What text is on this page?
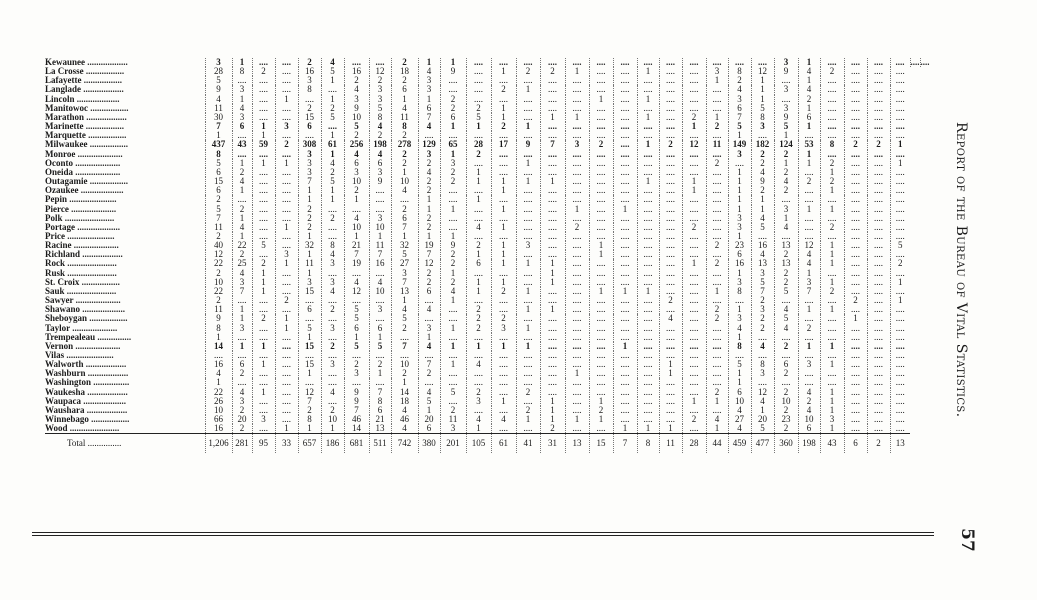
Kewaunee ..................	3	1	....	....	2	4	....	....	2	1	1	....	....	....	....	....	....	....	....	....	....	....	....	....	3	1	....	....	....	....	....	....
La Crosse .................	28	8	2	....	16	5	16	12	18	4	9	....	1	2	2	1	....	....	1	....	....	3	8	12	9	4	2	....	....	....		
Lafayette .................	5	....	....	....	3	1	2	2	2	3	....	....	....	....	....	....	....	....	....	....	....	1	2	1	....	1	....	....	....	....		
Langlade ..................	9	3	....	....	8	....	4	3	6	3	....	....	2	1	....	....	....	....	....	....	....	....	4	1	3	4	....	....	....	....		
Lincoln ...................	4	1	....	1	....	1	3	3	1	1	2	....	....	....	....	....	1	....	1	....	....	....	3	1	....	2	....	....	....	....		
Manitowoc .................	11	4	....	....	2	2	9	5	4	6	2	2	1	....	....	....	....	....	....	....	....	....	6	5	3	1	....	....	....	....		
Marathon ..................	30	3	....	....	15	5	10	8	11	7	6	5	1	....	1	1	....	....	1	....	2	1	7	8	9	6	....	....	....	....		
Marinette .................	7	6	1	3	6	....	5	4	8	4	1	1	2	1	....	....	....	....	....	....	1	2	5	3	5	1	....	....	....	....		
Marquette .................	1	....	1	....	....	1	2	2	2	....	....	....	....	....	....	....	....	....	....	....	....	....	1	....	1	....	....	....	....	....		
Milwaukee .................	437	43	59	2	308	61	256	198	278	129	65	28	17	9	7	3	2	....	1	2	12	11	149	182	124	53	8	2	2	1		
Monroe ....................	8	....	....	....	3	1	4	4	2	3	1	2	....	....	....	....	....	....	....	....	....	....	3	2	2	1	....	....	....	....		
Oconto ....................	5	1	1	1	3	4	6	6	2	2	3	....	....	1	....	....	....	....	....	....	....	2	....	2	1	1	2	....	....	1		
Oneida ....................	6	2	....	....	3	2	3	3	1	4	2	1	....	....	....	....	....	....	....	....	....	....	1	4	2	....	1	....	....	....		
Outagamie .................	15	4	....	....	7	5	10	9	10	2	2	1	1	1	1	....	....	....	1	....	1	....	1	9	4	2	2	....	....	....		
Ozaukee ...................	6	1	....	....	1	1	2	....	4	2	....	....	1	....	....	....	....	....	....	....	1	....	1	2	2	....	1	....	....	....		
Pepin .....................	2	....	....	....	1	1	1	....	....	1	....	1	....	....	....	....	....	....	....	....	....	....	1	1	....	....	....	....	....	....		
Pierce ....................	5	2	....	....	2	....	....	....	2	1	1	....	1	....	....	1	....	1	....	....	....	....	1	1	3	1	1	....	....	....		
Polk ......................	7	1	....	....	2	2	4	3	6	2	....	....	....	....	....	....	....	....	....	....	....	....	3	4	1	....	....	....	....	....		
Portage ...................	11	4	....	1	2	....	10	10	7	2	....	4	1	....	....	2	....	....	....	....	2	....	3	5	4	....	2	....	....	....		
Price .....................	2	1	....	....	1	....	1	1	1	1	1	....	....	....	....	....	....	....	....	....	....	....	1	....	....	....	....	....	....	....		
Racine ....................	40	22	5	....	32	8	21	11	32	19	9	2	1	3	....	....	1	....	....	....	....	2	23	16	13	12	1	....	....	5		
Richland ..................	12	2	....	3	1	4	7	7	5	7	2	1	1	....	....	....	1	....	....	....	....	....	6	4	2	4	1	....	....	....		
Rock ......................	22	25	2	1	11	3	19	16	27	12	2	6	1	1	1	....	....	....	....	....	1	2	16	13	13	4	1	....	....	2		
Rusk ......................	2	4	1	....	1	....	....	....	3	2	1	....	....	....	1	....	....	....	....	....	....	....	1	3	2	1	....	....	....	....		
St. Croix .................	10	3	1	....	3	3	4	4	7	2	2	1	1	....	1	....	....	....	....	....	....	....	3	5	2	3	1	....	....	1		
Sauk ......................	22	7	1	....	15	4	12	10	13	6	4	1	2	1	....	....	1	1	1	....	....	1	8	7	5	7	2	....	....	....		
Sawyer ....................	2	....	....	2	....	....	....	....	1	....	1	....	....	....	....	....	....	....	....	2	....	....	....	2	....	....	....	2	....	1		
Shawano ...................	11	1	....	....	6	2	5	3	4	4	....	2	....	1	1	....	....	....	....	....	....	2	1	3	4	1	1	....	....	....		
Sheboygan .................	9	1	2	1	....	....	5	....	5	....	....	2	2	....	....	....	....	....	....	4	....	2	3	2	5	....	....	1	....	....		
Taylor ....................	8	3	....	1	5	3	6	6	2	3	1	2	3	1	....	....	....	....	....	....	....	....	4	2	4	2	....	....	....	....		
Trempealeau ...............	1	....	....	....	1	....	1	1	....	1	....	....	....	....	....	....	....	....	....	....	....	....	1	....	....	....	....	....	....	....		
Vernon ....................	14	1	1	....	15	2	5	5	7	4	1	1	1	1	....	....	....	1	....	....	....	....	8	4	2	1	1	....	....	....		
Vilas .....................	....	....	....	....	....	....	....	....	....	....	....	....	....	....	....	....	....	....	....	....	....	....	....	....	....	....	....	....	....	....		
Walworth ..................	16	6	1	....	15	3	2	2	10	7	1	4	....	....	....	....	....	....	....	1	....	....	5	8	6	3	1	....	....	....		
Washburn ..................	4	2	....	....	1	....	3	1	2	2	....	....	....	....	....	1	....	....	....	1	....	....	1	3	2	....	....	....	....	....		
Washington ................	1	....	....	....	....	....	....	....	1	....	....	....	....	....	....	....	....	....	....	....	....	....	1	....	....	....	....	....	....	....		
Waukesha ..................	22	4	1	....	12	4	9	7	14	4	5	2	....	2	....	....	....	....	....	....	....	2	6	12	2	4	1	....	....	....		
Waupaca ...................	26	3	....	....	7	....	9	8	18	5	....	3	1	....	1	....	1	....	....	....	1	1	10	4	10	2	1	....	....	....		
Waushara ..................	10	2	....	....	2	2	7	6	4	1	2	....	....	2	1	....	2	....	....	....	....	....	4	1	2	4	1	....	....	....		
Winnebago .................	66	20	3	....	8	10	46	21	46	20	11	4	4	1	1	1	1	....	....	....	2	4	27	20	23	10	3	....	....	....		
Wood ......................	16	2	....	1	1	1	14	13	4	6	3	1	....	....	2	....	....	1	1	1	....	1	4	5	2	6	1	....	....	....		
Total ...............	1,206	281	95	33	657	186	681	511	742	380	201	105	61	41	31	13	15	7	8	11	28	44	459	477	360	198	43	6	2	13		
Report of the Bureau of Vital Statistics.
57
